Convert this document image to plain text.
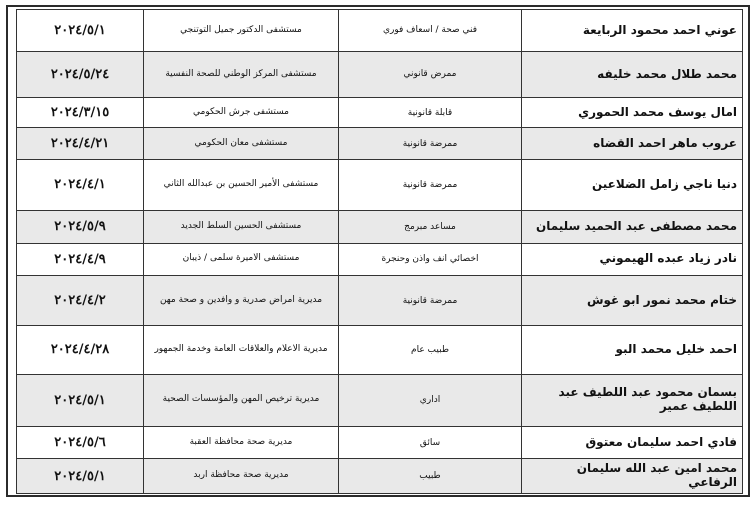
عوني احمد محمود الربايعة	فني صحة / اسعاف فوري	مستشفى الدكتور جميل التوتنجي	٢٠٢٤/٥/١
محمد طلال محمد خليفه	ممرض قانوني	مستشفى المركز الوطني للصحة النفسية	٢٠٢٤/٥/٢٤
امال يوسف محمد الحموري	قابلة قانونية	مستشفى جرش الحكومي	٢٠٢٤/٣/١٥
عروب ماهر احمد القضاه	ممرضة قانونية	مستشفى معان الحكومي	٢٠٢٤/٤/٢١
دنيا ناجي زامل الضلاعين	ممرضة قانونية	مستشفى الأمير الحسين بن عبدالله الثاني	٢٠٢٤/٤/١
محمد مصطفى عبد الحميد سليمان	مساعد مبرمج	مستشفى الحسين السلط الجديد	٢٠٢٤/٥/٩
نادر زياد عبده الهيموني	اخصائي انف واذن وحنجرة	مستشفى الاميرة سلمى / ذيبان	٢٠٢٤/٤/٩
ختام محمد نمور ابو غوش	ممرضة قانونية	مديرية امراض صدرية و وافدين و صحة مهن	٢٠٢٤/٤/٢
احمد خليل محمد البو	طبيب عام	مديرية الاعلام والعلاقات العامة وخدمة الجمهور	٢٠٢٤/٤/٢٨
بسمان محمود عبد اللطيف عبد اللطيف عمير	اداري	مديرية ترخيص المهن والمؤسسات الصحية	٢٠٢٤/٥/١
فادي احمد سليمان معتوق	سائق	مديرية صحة محافظة العقبة	٢٠٢٤/٥/٦
محمد امين عبد الله سليمان الرفاعي	طبيب	مديرية صحة محافظة اربد	٢٠٢٤/٥/١
